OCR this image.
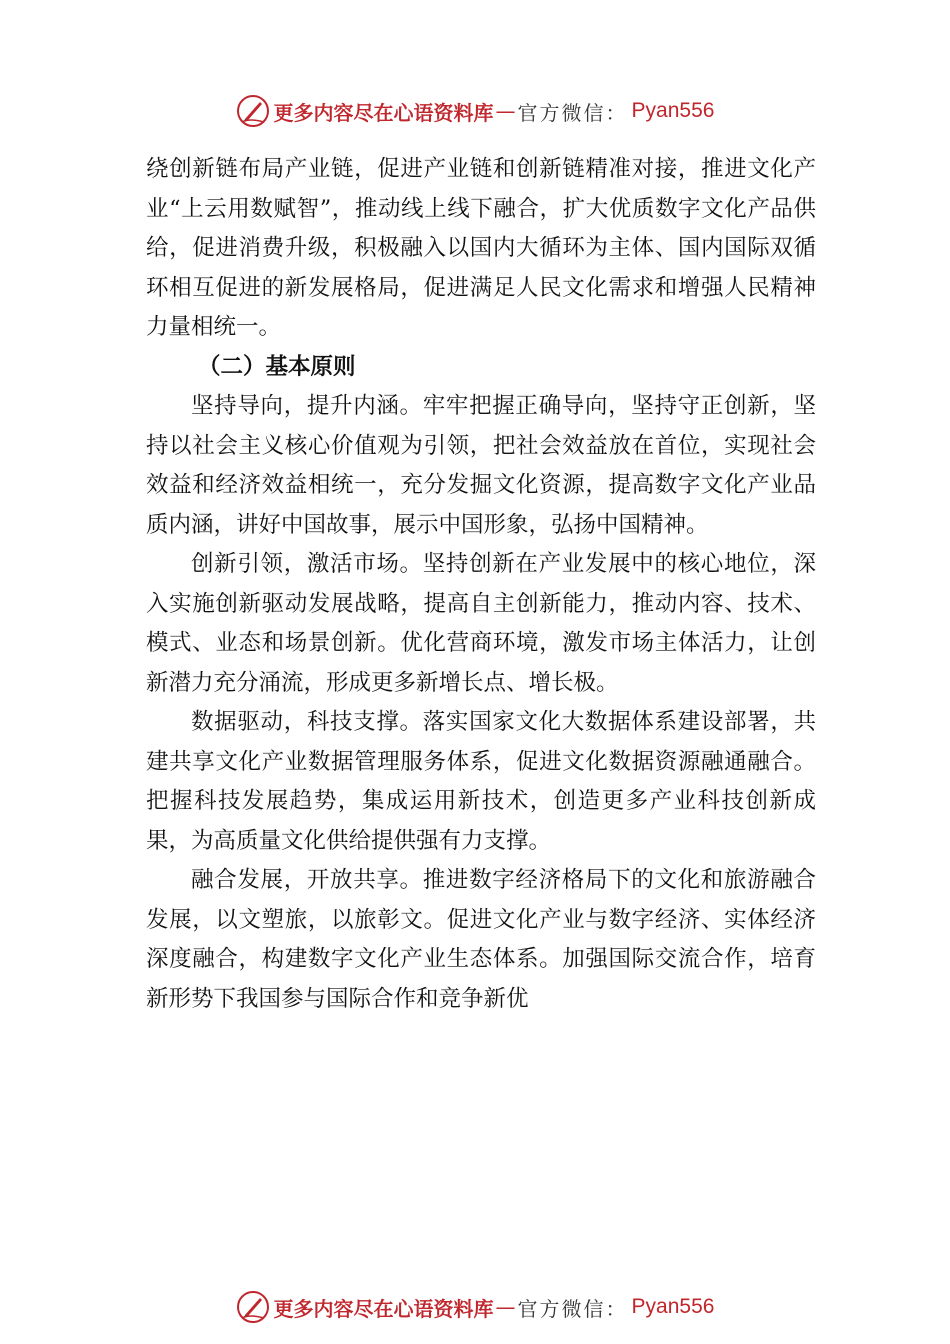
更多内容尽在心语资料库 — 官方微信 ： Pyan556

绕创新链布局产业链，促进产业链和创新链精准对接，推进文化产业“上云用数赋智”，推动线上线下融合，扩大优质数字文化产品供给，促进消费升级，积极融入以国内大循环为主体、国内国际双循环相互促进的新发展格局，促进满足人民文化需求和增强人民精神力量相统一。

（二）基本原则

坚持导向，提升内涵。牢牢把握正确导向，坚持守正创新，坚持以社会主义核心价值观为引领，把社会效益放在首位，实现社会效益和经济效益相统一，充分发掘文化资源，提高数字文化产业品质内涵，讲好中国故事，展示中国形象，弘扬中国精神。

创新引领，激活市场。坚持创新在产业发展中的核心地位，深入实施创新驱动发展战略，提高自主创新能力，推动内容、技术、模式、业态和场景创新。优化营商环境，激发市场主体活力，让创新潜力充分涌流，形成更多新增长点、增长极。

数据驱动，科技支撑。落实国家文化大数据体系建设部署，共建共享文化产业数据管理服务体系，促进文化数据资源融通融合。把握科技发展趋势，集成运用新技术，创造更多产业科技创新成果，为高质量文化供给提供强有力支撑。

融合发展，开放共享。推进数字经济格局下的文化和旅游融合发展，以文塑旅，以旅彰文。促进文化产业与数字经济、实体经济深度融合，构建数字文化产业生态体系。加强国际交流合作，培育新形势下我国参与国际合作和竞争新优

更多内容尽在心语资料库 — 官方微信 ： Pyan556
